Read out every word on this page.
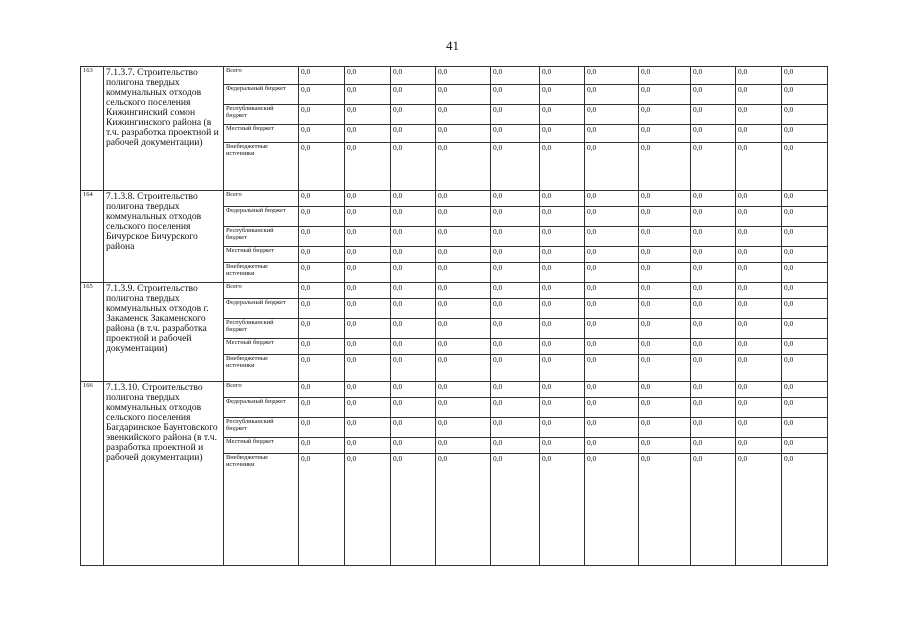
41
163	7.1.3.7. Строительство полигона твердых коммунальных отходов сельского поселения Кижингинский сомон Кижингинского района (в т.ч. разработка проектной и рабочей документации)	Всего	0,0	0,0	0,0	0,0	0,0	0,0	0,0	0,0	0,0	0,0	0,0
		Федеральный бюджет	0,0	0,0	0,0	0,0	0,0	0,0	0,0	0,0	0,0	0,0	0,0
		Республиканский бюджет	0,0	0,0	0,0	0,0	0,0	0,0	0,0	0,0	0,0	0,0	0,0
		Местный бюджет	0,0	0,0	0,0	0,0	0,0	0,0	0,0	0,0	0,0	0,0	0,0
		Внебюджетные источники	0,0	0,0	0,0	0,0	0,0	0,0	0,0	0,0	0,0	0,0	0,0
164	7.1.3.8. Строительство полигона твердых коммунальных отходов сельского поселения Бичурское Бичурского района	Всего	0,0	0,0	0,0	0,0	0,0	0,0	0,0	0,0	0,0	0,0	0,0
		Федеральный бюджет	0,0	0,0	0,0	0,0	0,0	0,0	0,0	0,0	0,0	0,0	0,0
		Республиканский бюджет	0,0	0,0	0,0	0,0	0,0	0,0	0,0	0,0	0,0	0,0	0,0
		Местный бюджет	0,0	0,0	0,0	0,0	0,0	0,0	0,0	0,0	0,0	0,0	0,0
		Внебюджетные источники	0,0	0,0	0,0	0,0	0,0	0,0	0,0	0,0	0,0	0,0	0,0
165	7.1.3.9. Строительство полигона твердых коммунальных отходов г. Закаменск Закаменского района (в т.ч. разработка проектной и рабочей документации)	Всего	0,0	0,0	0,0	0,0	0,0	0,0	0,0	0,0	0,0	0,0	0,0
		Федеральный бюджет	0,0	0,0	0,0	0,0	0,0	0,0	0,0	0,0	0,0	0,0	0,0
		Республиканский бюджет	0,0	0,0	0,0	0,0	0,0	0,0	0,0	0,0	0,0	0,0	0,0
		Местный бюджет	0,0	0,0	0,0	0,0	0,0	0,0	0,0	0,0	0,0	0,0	0,0
		Внебюджетные источники	0,0	0,0	0,0	0,0	0,0	0,0	0,0	0,0	0,0	0,0	0,0
166	7.1.3.10. Строительство полигона твердых коммунальных отходов сельского поселения Багдаринское Баунтовского эвенкийского района (в т.ч. разработка проектной и рабочей документации)	Всего	0,0	0,0	0,0	0,0	0,0	0,0	0,0	0,0	0,0	0,0	0,0
		Федеральный бюджет	0,0	0,0	0,0	0,0	0,0	0,0	0,0	0,0	0,0	0,0	0,0
		Республиканский бюджет	0,0	0,0	0,0	0,0	0,0	0,0	0,0	0,0	0,0	0,0	0,0
		Местный бюджет	0,0	0,0	0,0	0,0	0,0	0,0	0,0	0,0	0,0	0,0	0,0
		Внебюджетные источники	0,0	0,0	0,0	0,0	0,0	0,0	0,0	0,0	0,0	0,0	0,0
